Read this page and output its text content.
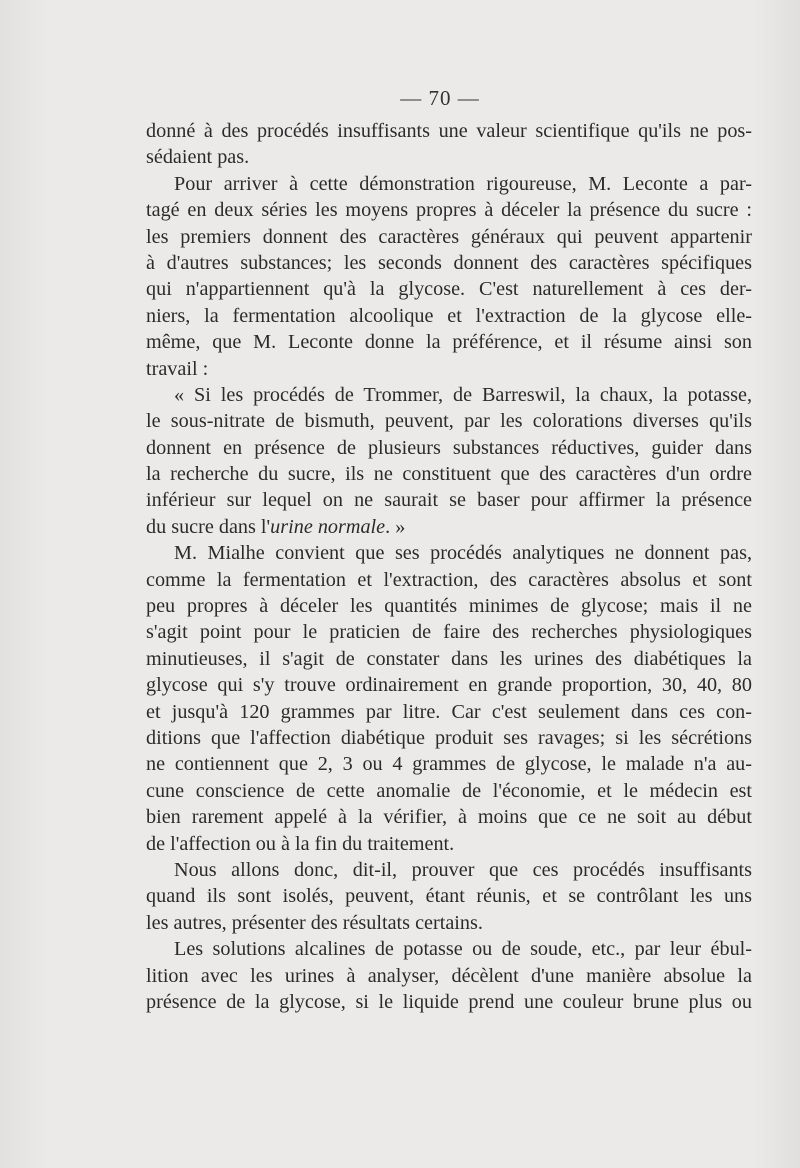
— 70 —
donné à des procédés insuffisants une valeur scientifique qu'ils ne pos-
sédaient pas.
Pour arriver à cette démonstration rigoureuse, M. Leconte a par-
tagé en deux séries les moyens propres à déceler la présence du sucre :
les premiers donnent des caractères généraux qui peuvent appartenir
à d'autres substances; les seconds donnent des caractères spécifiques
qui n'appartiennent qu'à la glycose. C'est naturellement à ces der-
niers, la fermentation alcoolique et l'extraction de la glycose elle-
même, que M. Leconte donne la préférence, et il résume ainsi son
travail :
« Si les procédés de Trommer, de Barreswil, la chaux, la potasse,
le sous-nitrate de bismuth, peuvent, par les colorations diverses qu'ils
donnent en présence de plusieurs substances réductives, guider dans
la recherche du sucre, ils ne constituent que des caractères d'un ordre
inférieur sur lequel on ne saurait se baser pour affirmer la présence
du sucre dans l'urine normale. »
M. Mialhe convient que ses procédés analytiques ne donnent pas,
comme la fermentation et l'extraction, des caractères absolus et sont
peu propres à déceler les quantités minimes de glycose; mais il ne
s'agit point pour le praticien de faire des recherches physiologiques
minutieuses, il s'agit de constater dans les urines des diabétiques la
glycose qui s'y trouve ordinairement en grande proportion, 30, 40, 80
et jusqu'à 120 grammes par litre. Car c'est seulement dans ces con-
ditions que l'affection diabétique produit ses ravages; si les sécrétions
ne contiennent que 2, 3 ou 4 grammes de glycose, le malade n'a au-
cune conscience de cette anomalie de l'économie, et le médecin est
bien rarement appelé à la vérifier, à moins que ce ne soit au début
de l'affection ou à la fin du traitement.
Nous allons donc, dit-il, prouver que ces procédés insuffisants
quand ils sont isolés, peuvent, étant réunis, et se contrôlant les uns
les autres, présenter des résultats certains.
Les solutions alcalines de potasse ou de soude, etc., par leur ébul-
lition avec les urines à analyser, décèlent d'une manière absolue la
présence de la glycose, si le liquide prend une couleur brune plus ou
